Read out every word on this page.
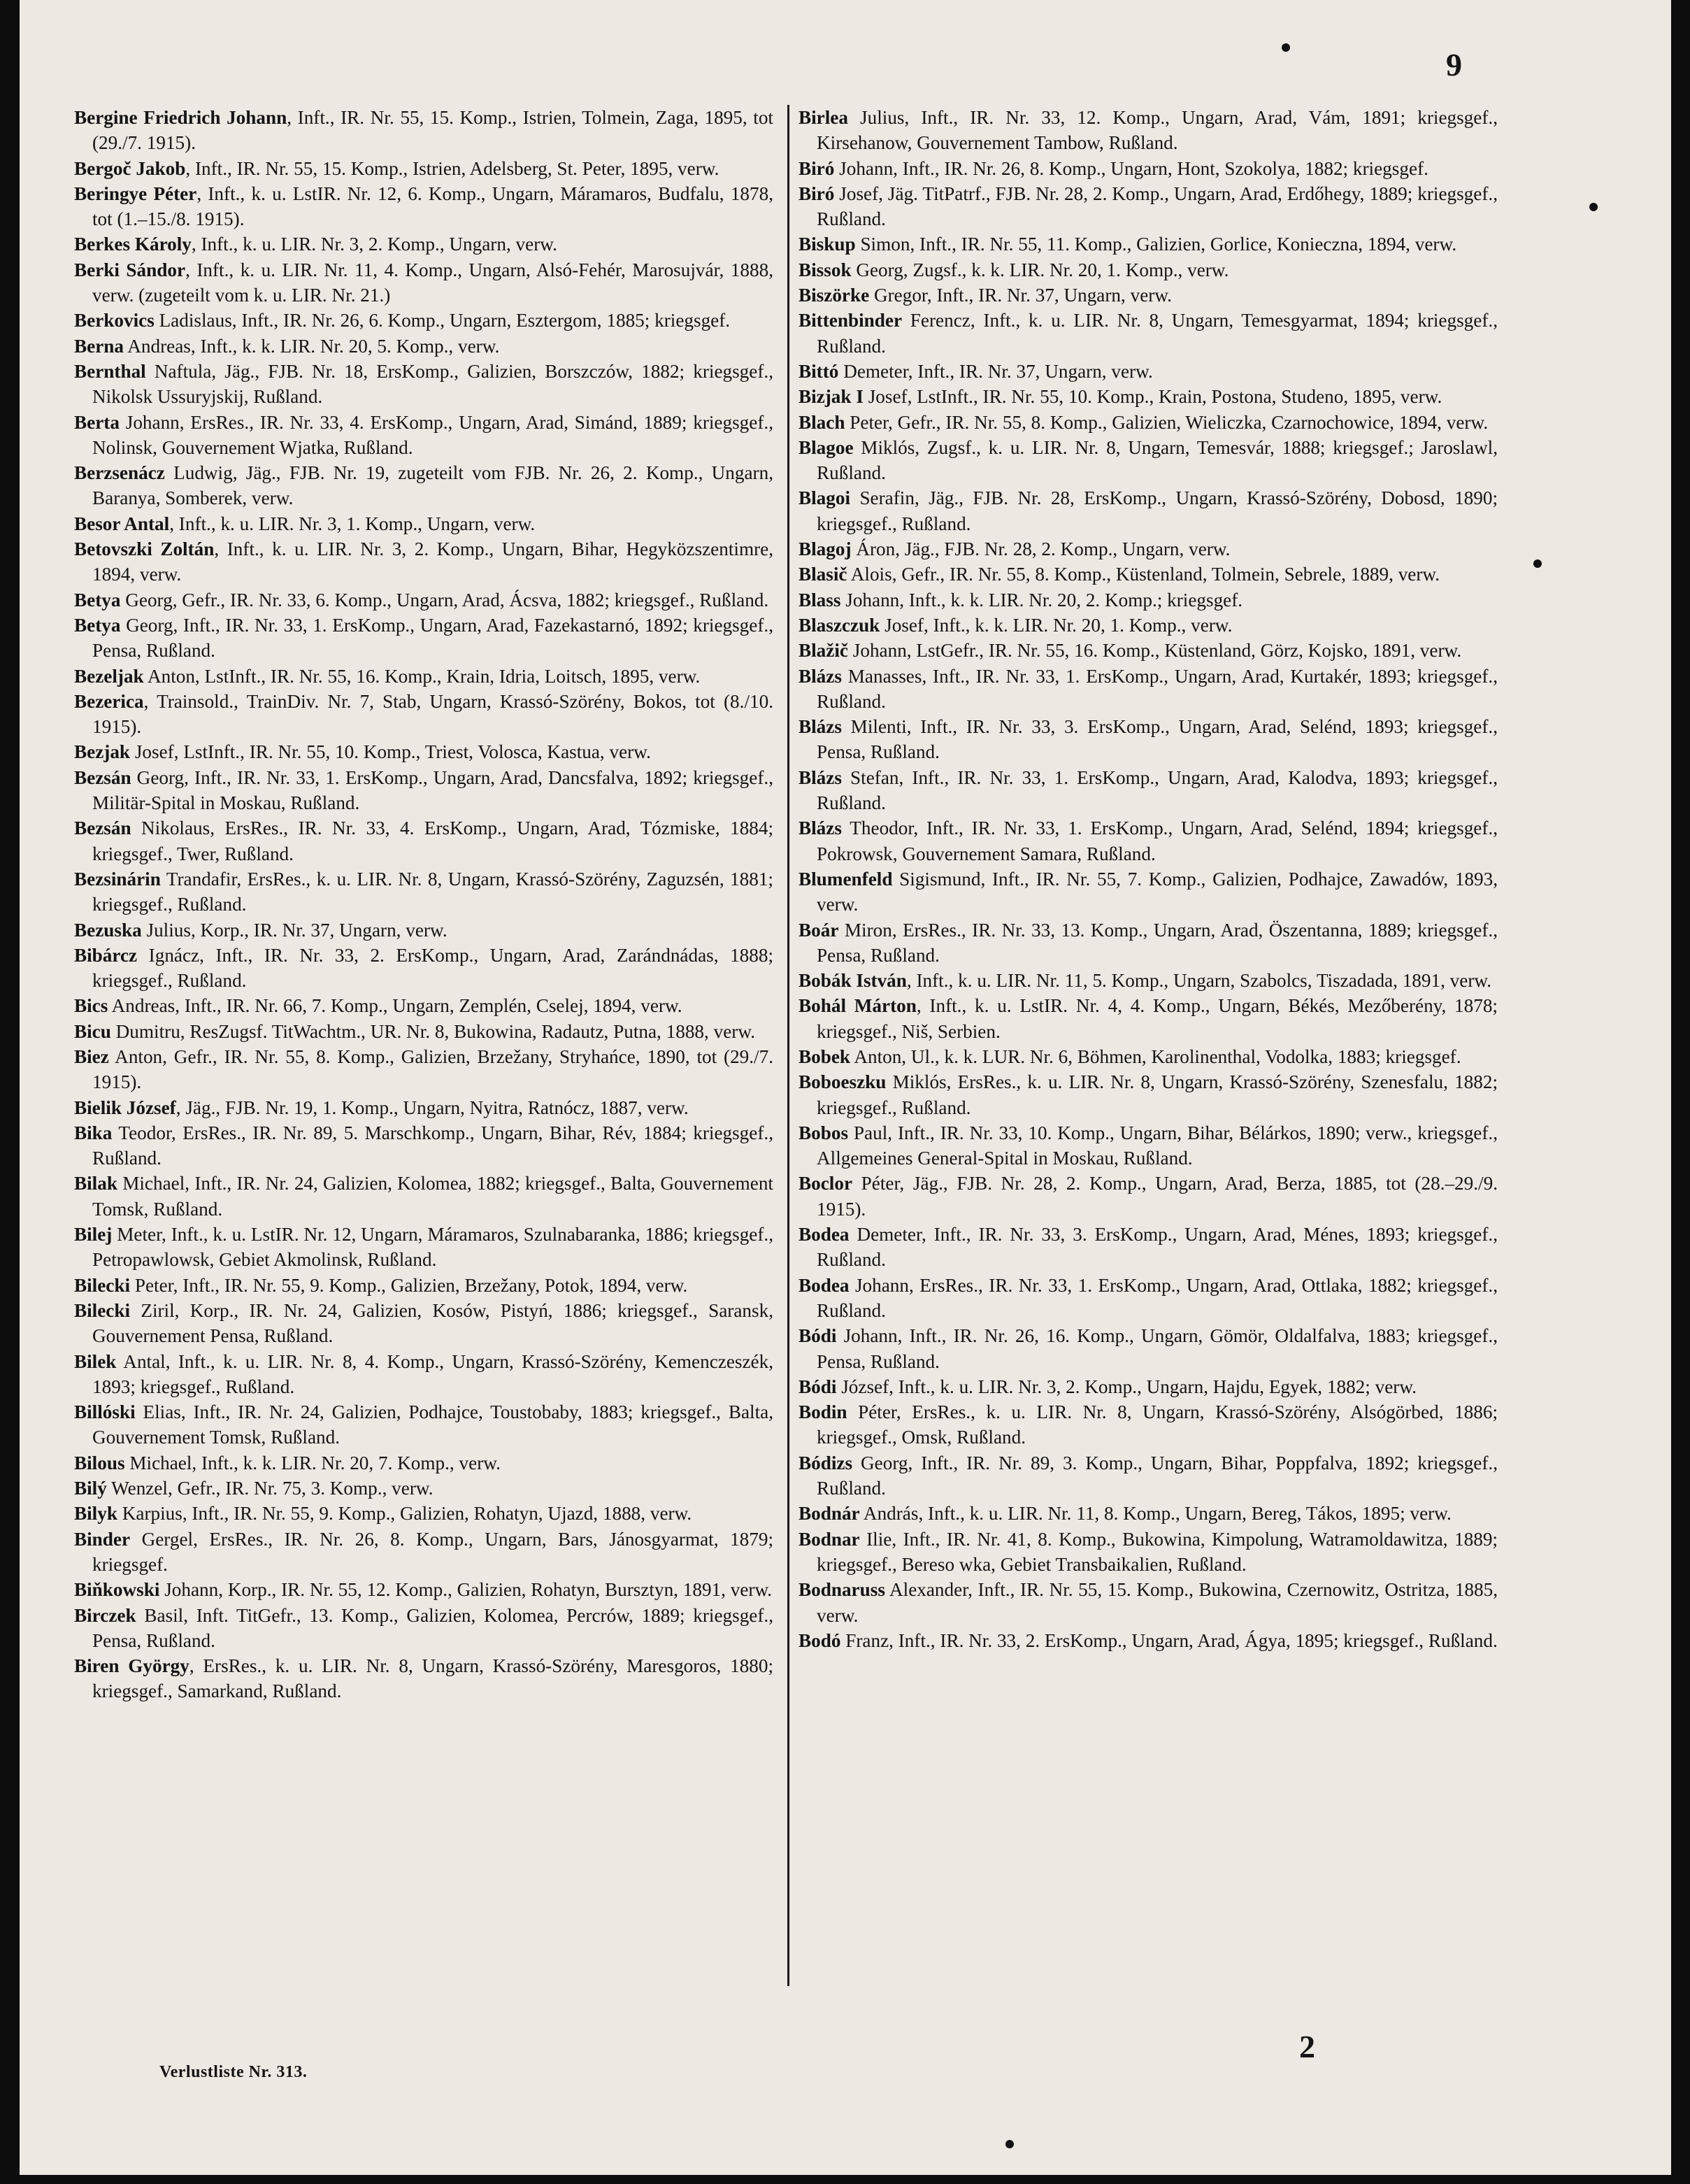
9

Bergine Friedrich Johann, Inft., IR. Nr. 55, 15. Komp., Istrien, Tolmein, Zaga, 1895, tot (29./7. 1915).

Bergoč Jakob, Inft., IR. Nr. 55, 15. Komp., Istrien, Adelsberg, St. Peter, 1895, verw.

Beringye Péter, Inft., k. u. LstIR. Nr. 12, 6. Komp., Ungarn, Máramaros, Budfalu, 1878, tot (1.–15./8. 1915).

Berkes Károly, Inft., k. u. LIR. Nr. 3, 2. Komp., Ungarn, verw.

Berki Sándor, Inft., k. u. LIR. Nr. 11, 4. Komp., Ungarn, Alsó-Fehér, Marosujvár, 1888, verw. (zugeteilt vom k. u. LIR. Nr. 21.)

Berkovics Ladislaus, Inft., IR. Nr. 26, 6. Komp., Ungarn, Esztergom, 1885; kriegsgef.

Berna Andreas, Inft., k. k. LIR. Nr. 20, 5. Komp., verw.

Bernthal Naftula, Jäg., FJB. Nr. 18, ErsKomp., Galizien, Borszczów, 1882; kriegsgef., Nikolsk Ussuryjskij, Rußland.

Berta Johann, ErsRes., IR. Nr. 33, 4. ErsKomp., Ungarn, Arad, Simánd, 1889; kriegsgef., Nolinsk, Gouvernement Wjatka, Rußland.

Berzsenácz Ludwig, Jäg., FJB. Nr. 19, zugeteilt vom FJB. Nr. 26, 2. Komp., Ungarn, Baranya, Somberek, verw.

Besor Antal, Inft., k. u. LIR. Nr. 3, 1. Komp., Ungarn, verw.

Betovszki Zoltán, Inft., k. u. LIR. Nr. 3, 2. Komp., Ungarn, Bihar, Hegyközszentimre, 1894, verw.

Betya Georg, Gefr., IR. Nr. 33, 6. Komp., Ungarn, Arad, Ácsva, 1882; kriegsgef., Rußland.

Betya Georg, Inft., IR. Nr. 33, 1. ErsKomp., Ungarn, Arad, Fazekastarnó, 1892; kriegsgef., Pensa, Rußland.

Bezeljak Anton, LstInft., IR. Nr. 55, 16. Komp., Krain, Idria, Loitsch, 1895, verw.

Bezerica, Trainsold., TrainDiv. Nr. 7, Stab, Ungarn, Krassó-Szörény, Bokos, tot (8./10. 1915).

Bezjak Josef, LstInft., IR. Nr. 55, 10. Komp., Triest, Volosca, Kastua, verw.

Bezsán Georg, Inft., IR. Nr. 33, 1. ErsKomp., Ungarn, Arad, Dancsfalva, 1892; kriegsgef., Militär-Spital in Moskau, Rußland.

Bezsán Nikolaus, ErsRes., IR. Nr. 33, 4. ErsKomp., Ungarn, Arad, Tózmiske, 1884; kriegsgef., Twer, Rußland.

Bezsinárin Trandafir, ErsRes., k. u. LIR. Nr. 8, Ungarn, Krassó-Szörény, Zaguzsén, 1881; kriegsgef., Rußland.

Bezuska Julius, Korp., IR. Nr. 37, Ungarn, verw.

Bibárcz Ignácz, Inft., IR. Nr. 33, 2. ErsKomp., Ungarn, Arad, Zarándnádas, 1888; kriegsgef., Rußland.

Bics Andreas, Inft., IR. Nr. 66, 7. Komp., Ungarn, Zemplén, Cselej, 1894, verw.

Bicu Dumitru, ResZugsf. TitWachtm., UR. Nr. 8, Bukowina, Radautz, Putna, 1888, verw.

Biez Anton, Gefr., IR. Nr. 55, 8. Komp., Galizien, Brzežany, Stryhańce, 1890, tot (29./7. 1915).

Bielik József, Jäg., FJB. Nr. 19, 1. Komp., Ungarn, Nyitra, Ratnócz, 1887, verw.

Bika Teodor, ErsRes., IR. Nr. 89, 5. Marschkomp., Ungarn, Bihar, Rév, 1884; kriegsgef., Rußland.

Bilak Michael, Inft., IR. Nr. 24, Galizien, Kolomea, 1882; kriegsgef., Balta, Gouvernement Tomsk, Rußland.

Bilej Meter, Inft., k. u. LstIR. Nr. 12, Ungarn, Máramaros, Szulnabaranka, 1886; kriegsgef., Petropawlowsk, Gebiet Akmolinsk, Rußland.

Bilecki Peter, Inft., IR. Nr. 55, 9. Komp., Galizien, Brzežany, Potok, 1894, verw.

Bilecki Ziril, Korp., IR. Nr. 24, Galizien, Kosów, Pistyń, 1886; kriegsgef., Saransk, Gouvernement Pensa, Rußland.

Bilek Antal, Inft., k. u. LIR. Nr. 8, 4. Komp., Ungarn, Krassó-Szörény, Kemenczeszék, 1893; kriegsgef., Rußland.

Billóski Elias, Inft., IR. Nr. 24, Galizien, Podhajce, Toustobaby, 1883; kriegsgef., Balta, Gouvernement Tomsk, Rußland.

Bilous Michael, Inft., k. k. LIR. Nr. 20, 7. Komp., verw.

Bilý Wenzel, Gefr., IR. Nr. 75, 3. Komp., verw.

Bilyk Karpius, Inft., IR. Nr. 55, 9. Komp., Galizien, Rohatyn, Ujazd, 1888, verw.

Binder Gergel, ErsRes., IR. Nr. 26, 8. Komp., Ungarn, Bars, Jánosgyarmat, 1879; kriegsgef.

Biňkowski Johann, Korp., IR. Nr. 55, 12. Komp., Galizien, Rohatyn, Bursztyn, 1891, verw.

Birczek Basil, Inft. TitGefr., 13. Komp., Galizien, Kolomea, Percrów, 1889; kriegsgef., Pensa, Rußland.

Biren György, ErsRes., k. u. LIR. Nr. 8, Ungarn, Krassó-Szörény, Maresgoros, 1880; kriegsgef., Samarkand, Rußland.

Birlea Julius, Inft., IR. Nr. 33, 12. Komp., Ungarn, Arad, Vám, 1891; kriegsgef., Kirsehanow, Gouvernement Tambow, Rußland.

Biró Johann, Inft., IR. Nr. 26, 8. Komp., Ungarn, Hont, Szokolya, 1882; kriegsgef.

Biró Josef, Jäg. TitPatrf., FJB. Nr. 28, 2. Komp., Ungarn, Arad, Erdőhegy, 1889; kriegsgef., Rußland.

Biskup Simon, Inft., IR. Nr. 55, 11. Komp., Galizien, Gorlice, Konieczna, 1894, verw.

Bissok Georg, Zugsf., k. k. LIR. Nr. 20, 1. Komp., verw.

Biszörke Gregor, Inft., IR. Nr. 37, Ungarn, verw.

Bittenbinder Ferencz, Inft., k. u. LIR. Nr. 8, Ungarn, Temesgyarmat, 1894; kriegsgef., Rußland.

Bittó Demeter, Inft., IR. Nr. 37, Ungarn, verw.

Bizjak I Josef, LstInft., IR. Nr. 55, 10. Komp., Krain, Postona, Studeno, 1895, verw.

Blach Peter, Gefr., IR. Nr. 55, 8. Komp., Galizien, Wieliczka, Czarnochowice, 1894, verw.

Blagoe Miklós, Zugsf., k. u. LIR. Nr. 8, Ungarn, Temesvár, 1888; kriegsgef.; Jaroslawl, Rußland.

Blagoi Serafin, Jäg., FJB. Nr. 28, ErsKomp., Ungarn, Krassó-Szörény, Dobosd, 1890; kriegsgef., Rußland.

Blagoj Áron, Jäg., FJB. Nr. 28, 2. Komp., Ungarn, verw.

Blasič Alois, Gefr., IR. Nr. 55, 8. Komp., Küstenland, Tolmein, Sebrele, 1889, verw.

Blass Johann, Inft., k. k. LIR. Nr. 20, 2. Komp.; kriegsgef.

Blaszczuk Josef, Inft., k. k. LIR. Nr. 20, 1. Komp., verw.

Blažič Johann, LstGefr., IR. Nr. 55, 16. Komp., Küstenland, Görz, Kojsko, 1891, verw.

Blázs Manasses, Inft., IR. Nr. 33, 1. ErsKomp., Ungarn, Arad, Kurtakér, 1893; kriegsgef., Rußland.

Blázs Milenti, Inft., IR. Nr. 33, 3. ErsKomp., Ungarn, Arad, Selénd, 1893; kriegsgef., Pensa, Rußland.

Blázs Stefan, Inft., IR. Nr. 33, 1. ErsKomp., Ungarn, Arad, Kalodva, 1893; kriegsgef., Rußland.

Blázs Theodor, Inft., IR. Nr. 33, 1. ErsKomp., Ungarn, Arad, Selénd, 1894; kriegsgef., Pokrowsk, Gouvernement Samara, Rußland.

Blumenfeld Sigismund, Inft., IR. Nr. 55, 7. Komp., Galizien, Podhajce, Zawadów, 1893, verw.

Boár Miron, ErsRes., IR. Nr. 33, 13. Komp., Ungarn, Arad, Öszentanna, 1889; kriegsgef., Pensa, Rußland.

Bobák István, Inft., k. u. LIR. Nr. 11, 5. Komp., Ungarn, Szabolcs, Tiszadada, 1891, verw.

Bohál Márton, Inft., k. u. LstIR. Nr. 4, 4. Komp., Ungarn, Békés, Mezőberény, 1878; kriegsgef., Niš, Serbien.

Bobek Anton, Ul., k. k. LUR. Nr. 6, Böhmen, Karolinenthal, Vodolka, 1883; kriegsgef.

Boboeszku Miklós, ErsRes., k. u. LIR. Nr. 8, Ungarn, Krassó-Szörény, Szenesfalu, 1882; kriegsgef., Rußland.

Bobos Paul, Inft., IR. Nr. 33, 10. Komp., Ungarn, Bihar, Bélárkos, 1890; verw., kriegsgef., Allgemeines General-Spital in Moskau, Rußland.

Boclor Péter, Jäg., FJB. Nr. 28, 2. Komp., Ungarn, Arad, Berza, 1885, tot (28.–29./9. 1915).

Bodea Demeter, Inft., IR. Nr. 33, 3. ErsKomp., Ungarn, Arad, Ménes, 1893; kriegsgef., Rußland.

Bodea Johann, ErsRes., IR. Nr. 33, 1. ErsKomp., Ungarn, Arad, Ottlaka, 1882; kriegsgef., Rußland.

Bódi Johann, Inft., IR. Nr. 26, 16. Komp., Ungarn, Gömör, Oldalfalva, 1883; kriegsgef., Pensa, Rußland.

Bódi József, Inft., k. u. LIR. Nr. 3, 2. Komp., Ungarn, Hajdu, Egyek, 1882; verw.

Bodin Péter, ErsRes., k. u. LIR. Nr. 8, Ungarn, Krassó-Szörény, Alsógörbed, 1886; kriegsgef., Omsk, Rußland.

Bódizs Georg, Inft., IR. Nr. 89, 3. Komp., Ungarn, Bihar, Poppfalva, 1892; kriegsgef., Rußland.

Bodnár András, Inft., k. u. LIR. Nr. 11, 8. Komp., Ungarn, Bereg, Tákos, 1895; verw.

Bodnar Ilie, Inft., IR. Nr. 41, 8. Komp., Bukowina, Kimpolung, Watramoldawitza, 1889; kriegsgef., Bereso wka, Gebiet Transbaikalien, Rußland.

Bodnaruss Alexander, Inft., IR. Nr. 55, 15. Komp., Bukowina, Czernowitz, Ostritza, 1885, verw.

Bodó Franz, Inft., IR. Nr. 33, 2. ErsKomp., Ungarn, Arad, Ágya, 1895; kriegsgef., Rußland.

Verlustliste Nr. 313.
2
